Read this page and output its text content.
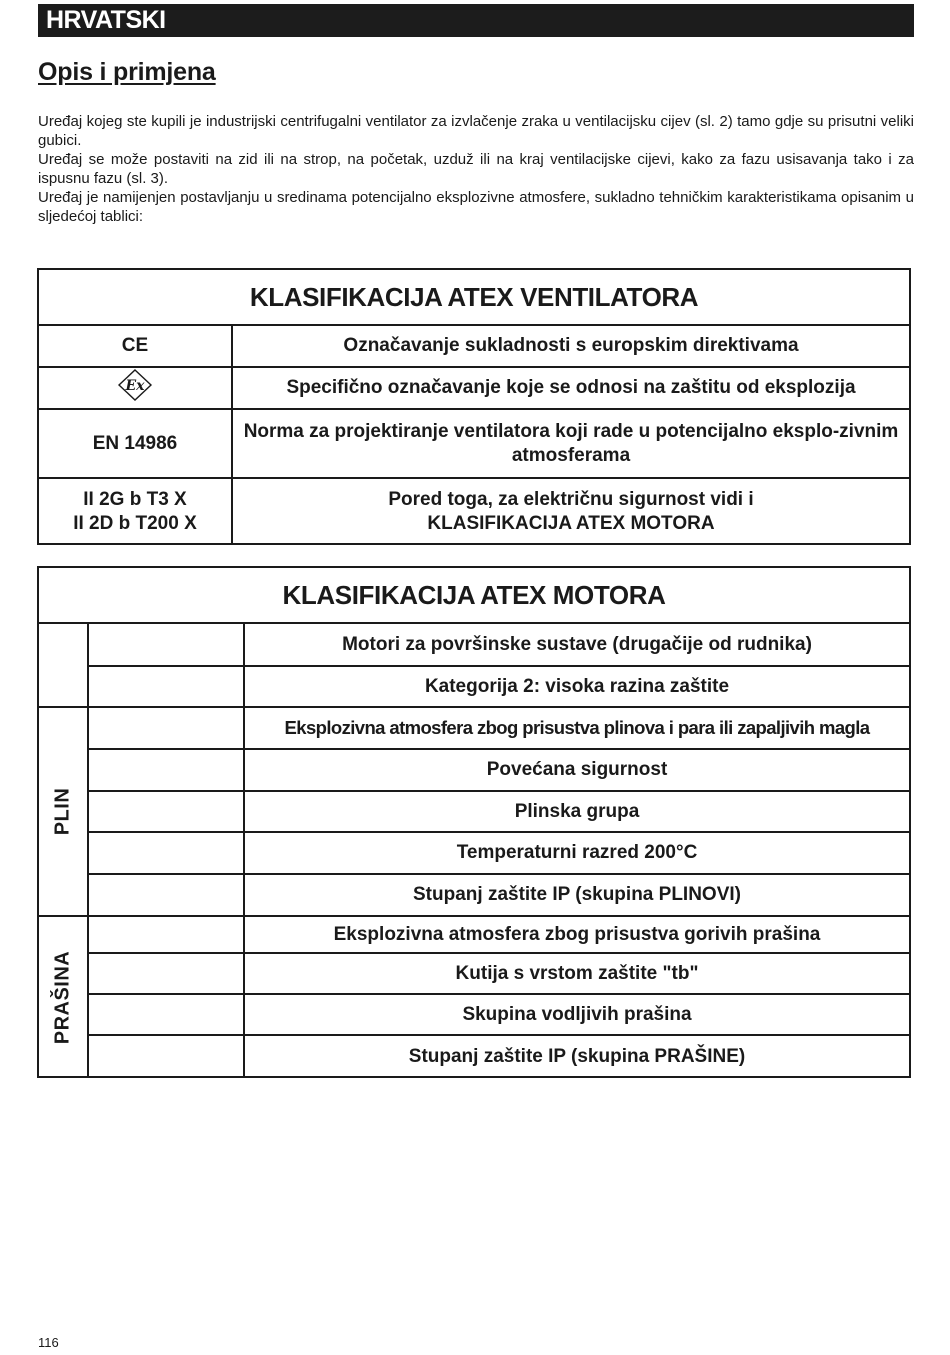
HRVATSKI
Opis i primjena

Uređaj kojeg ste kupili je industrijski centrifugalni ventilator za izvlačenje zraka u ventilacijsku cijev (sl. 2) tamo gdje su prisutni veliki gubici.

Uređaj se može postaviti na zid ili na strop, na početak, uzduž ili na kraj ventilacijske cijevi, kako za fazu usisavanja tako i za ispusnu fazu (sl. 3).

Uređaj je namijenjen postavljanju u sredinama potencijalno eksplozivne atmosfere, sukladno tehničkim karakteristikama opisanim u sljedećoj tablici:

KLASIFIKACIJA ATEX VENTILATORA
CE	Označavanje sukladnosti s europskim direktivama
Ex	Specifično označavanje koje se odnosi na zaštitu od eksplozija
EN 14986
Norma za projektiranje ventilatora koji rade u potencijalno eksplo-zivnim atmosferama
II 2G b T3 X
II 2D b T200 X
Pored toga, za električnu sigurnost vidi i
KLASIFIKACIJA ATEX MOTORA
KLASIFIKACIJA ATEX MOTORA
Motori za površinske sustave (drugačije od rudnika)
Kategorija 2: visoka razina zaštite
Eksplozivna atmosfera zbog prisustva plinova i para ili zapaljivih magla
Povećana sigurnost
Plinska grupa
Temperaturni razred 200°C
Stupanj zaštite IP (skupina PLINOVI)
Eksplozivna atmosfera zbog prisustva gorivih prašina
Kutija s vrstom zaštite "tb"
Skupina vodljivih prašina
Stupanj zaštite IP (skupina PRAŠINE)
PLIN
PRAŠINA
116
